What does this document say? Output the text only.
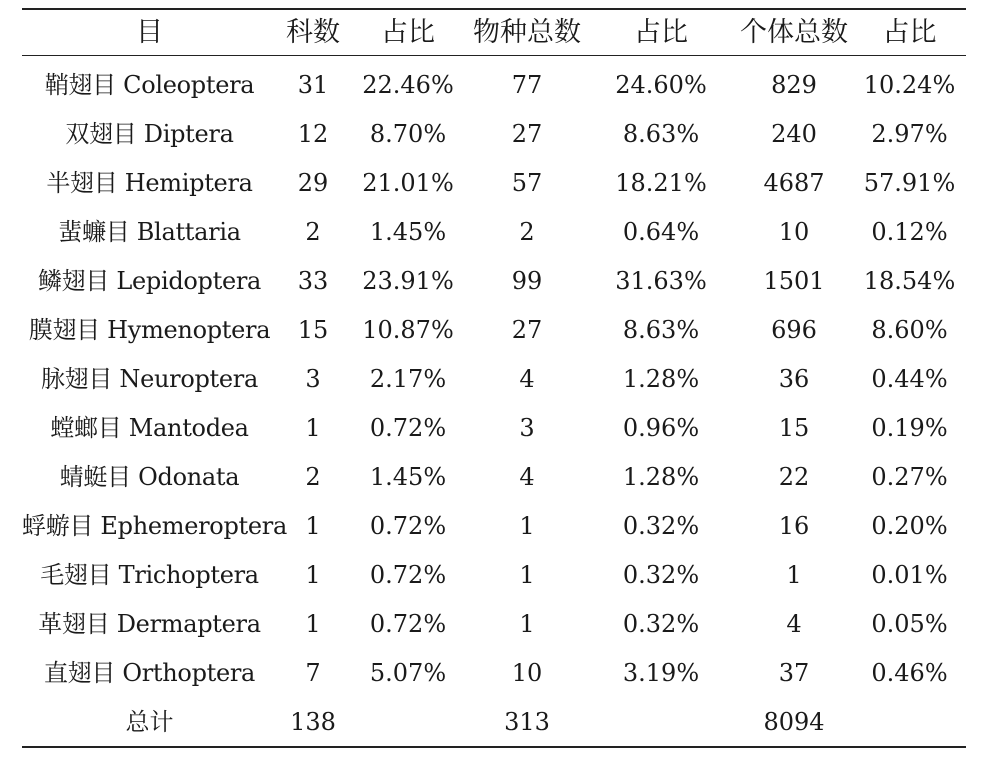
目	科数	占比	物种总数	占比	个体总数	占比
鞘翅目 Coleoptera	31	22.46%	77	24.60%	829	10.24%
双翅目 Diptera	12	8.70%	27	8.63%	240	2.97%
半翅目 Hemiptera	29	21.01%	57	18.21%	4687	57.91%
蜚蠊目 Blattaria	2	1.45%	2	0.64%	10	0.12%
鳞翅目 Lepidoptera	33	23.91%	99	31.63%	1501	18.54%
膜翅目 Hymenoptera	15	10.87%	27	8.63%	696	8.60%
脉翅目 Neuroptera	3	2.17%	4	1.28%	36	0.44%
螳螂目 Mantodea	1	0.72%	3	0.96%	15	0.19%
蜻蜓目 Odonata	2	1.45%	4	1.28%	22	0.27%
蜉蝣目 Ephemeroptera	1	0.72%	1	0.32%	16	0.20%
毛翅目 Trichoptera	1	0.72%	1	0.32%	1	0.01%
革翅目 Dermaptera	1	0.72%	1	0.32%	4	0.05%
直翅目 Orthoptera	7	5.07%	10	3.19%	37	0.46%
总计	138		313		8094	
